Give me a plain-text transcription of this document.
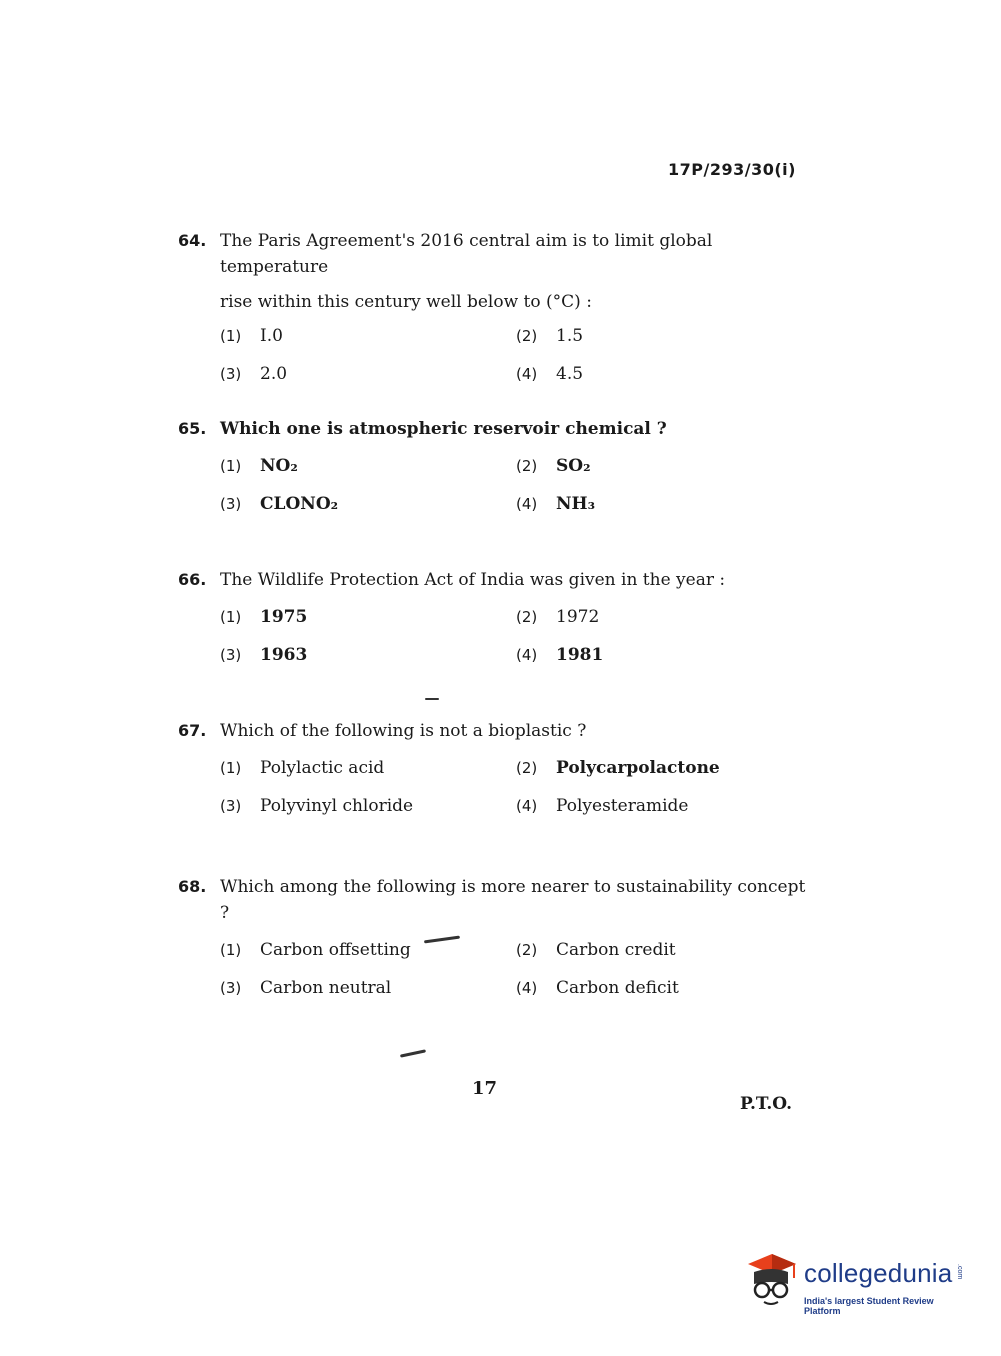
17P/293/30(i)
64. The Paris Agreement's 2016 central aim is to limit global temperature
rise within this century well below to (°C) :
(1)	I.0	(2)	1.5
(3)	2.0	(4)	4.5
65. Which one is atmospheric reservoir chemical ?
(1)	NO₂	(2)	SO₂
(3)	CLONO₂	(4)	NH₃
66. The Wildlife Protection Act of India was given in the year :
(1)	1975	(2)	1972
(3)	1963	(4)	1981
67. Which of the following is not a bioplastic ?
(1)	Polylactic acid	(2)	Polycarpolactone
(3)	Polyvinyl chloride	(4)	Polyesteramide
68. Which among the following is more nearer to sustainability concept ?
(1)	Carbon offsetting	(2)	Carbon credit
(3)	Carbon neutral	(4)	Carbon deficit
17
P.T.O.
collegedunia .com
India's largest Student Review Platform
